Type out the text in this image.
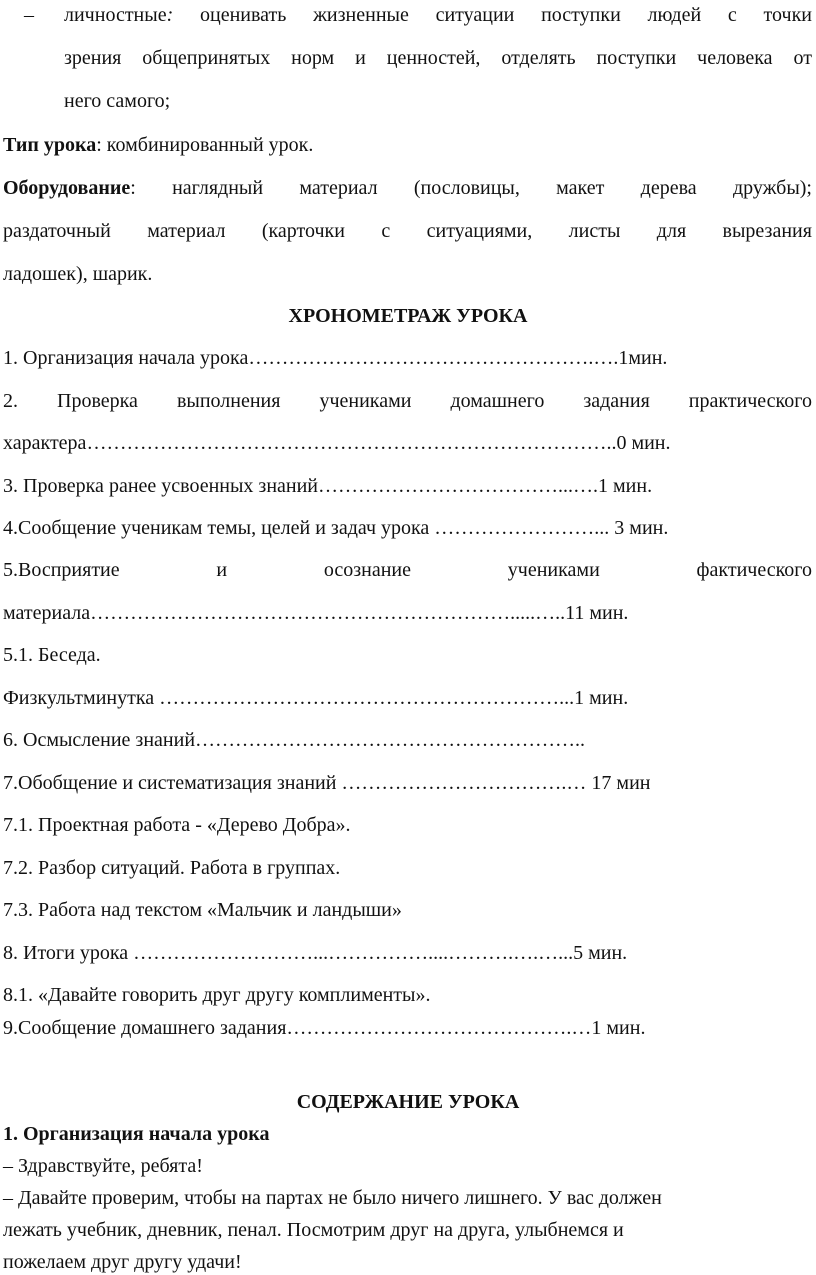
–	личностные: оценивать жизненные ситуации поступки людей с точки
зрения общепринятых норм и ценностей, отделять поступки человека от
него самого;
Тип урока: комбинированный урок.
Оборудование: наглядный материал (пословицы, макет дерева дружбы);
раздаточный материал (карточки с ситуациями, листы для вырезания
ладошек), шарик.
ХРОНОМЕТРАЖ УРОКА
1. Организация начала урока…………………………………………….….1мин.
2. Проверка выполнения учениками домашнего задания практического
характера……………………………………………………………………..0 мин.
3. Проверка ранее усвоенных знаний………………………………...….1 мин.
4.Сообщение ученикам темы, целей и задач урока ……………………... 3 мин.
5.Восприятие	и	осознание	учениками	фактического
материала……………………………………………………….....…..11 мин.
5.1. Беседа.
Физкультминутка ……………………………………………………...1 мин.
6. Осмысление знаний…………………………………………………..
7.Обобщение и систематизация знаний …………………………….… 17 мин
7.1. Проектная работа - «Дерево Добра».
7.2. Разбор ситуаций. Работа в группах.
7.3. Работа над текстом «Мальчик и ландыши»
8. Итоги урока ………………………...……………....……….….…...5 мин.
8.1. «Давайте говорить друг другу комплименты».
9.Сообщение домашнего задания…………………………………….…1 мин.
СОДЕРЖАНИЕ УРОКА
1. Организация начала урока
– Здравствуйте, ребята!
– Давайте проверим, чтобы на партах не было ничего лишнего. У вас должен
лежать учебник, дневник, пенал. Посмотрим друг на друга, улыбнемся и
пожелаем друг другу удачи!
